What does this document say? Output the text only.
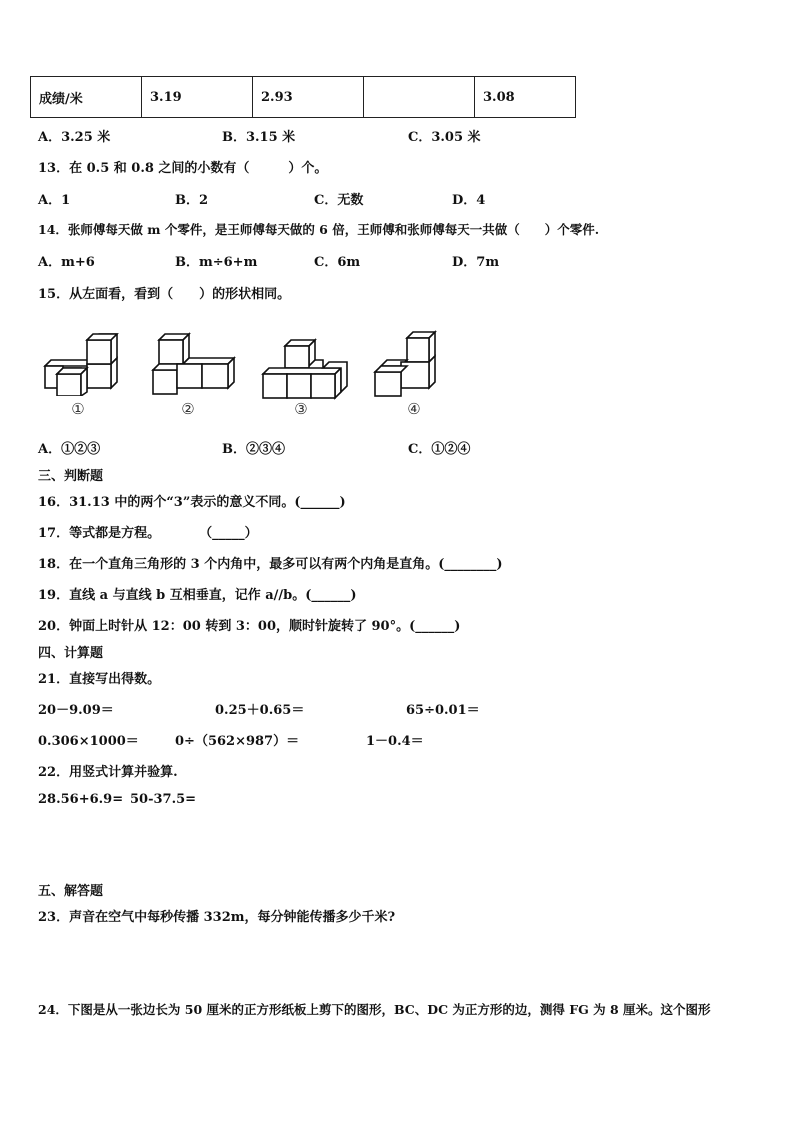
成绩/米	3.19	2.93		3.08
A．3.25 米	B．3.15 米	C．3.05 米
13．在 0.5 和 0.8 之间的小数有（　　　）个。
A．1	B．2	C．无数	D．4
14．张师傅每天做 m 个零件，是王师傅每天做的 6 倍，王师傅和张师傅每天一共做（　　）个零件.
A．m+6	B．m÷6+m	C．6m	D．7m
15．从左面看，看到（　　）的形状相同。
①	②	③	④
A．①②③	B．②③④	C．①②④
三、判断题
16．31.13 中的两个“3”表示的意义不同。(______)
17．等式都是方程。　　　　（_____）
18．在一个直角三角形的 3 个内角中，最多可以有两个内角是直角。(________)
19．直线 a 与直线 b 互相垂直，记作 a//b。(______)
20．钟面上时针从 12：00 转到 3：00，顺时针旋转了 90°。(______)
四、计算题
21．直接写出得数。
20－9.09＝	0.25＋0.65＝	65÷0.01＝
0.306×1000＝	0÷（562×987）＝	1－0.4＝
22．用竖式计算并验算.
28.56+6.9= 50-37.5=
五、解答题
23．声音在空气中每秒传播 332m，每分钟能传播多少千米?
24．下图是从一张边长为 50 厘米的正方形纸板上剪下的图形，BC、DC 为正方形的边，测得 FG 为 8 厘米。这个图形
